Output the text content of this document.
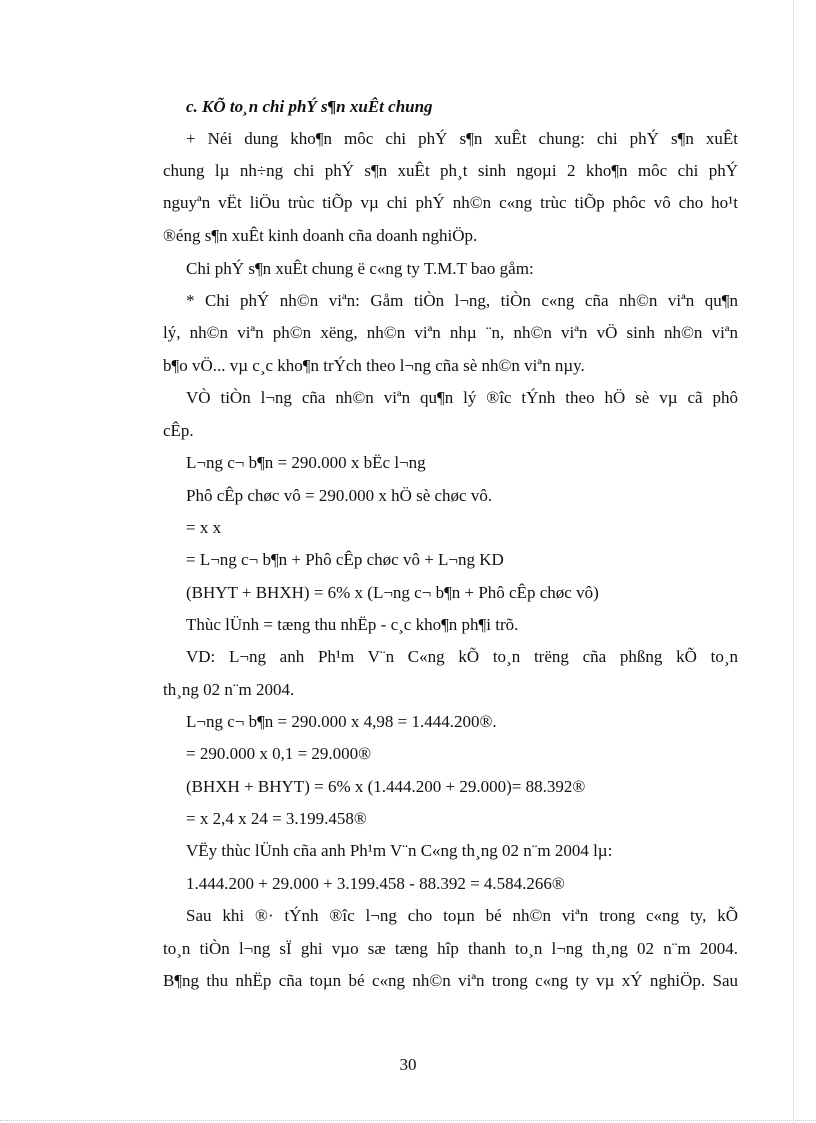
c. KÕ to¸n chi phÝ s¶n xuÊt chung
+ Néi dung kho¶n môc chi phÝ s¶n xuÊt chung: chi phÝ s¶n xuÊt
chung lµ nh÷ng chi phÝ s¶n xuÊt ph¸t sinh ngoµi 2 kho¶n môc chi phÝ
nguyªn vËt liÖu trùc tiÕp vµ chi phÝ nh©n c«ng trùc tiÕp phôc vô cho ho¹t
®éng s¶n xuÊt kinh doanh cña doanh nghiÖp.
Chi phÝ s¶n xuÊt chung ë c«ng ty T.M.T bao gåm:
* Chi phÝ nh©n viªn: Gåm tiÒn l¬ng, tiÒn c«ng cña nh©n viªn qu¶n
lý, nh©n viªn ph©n xëng, nh©n viªn nhµ ¨n, nh©n viªn vÖ sinh nh©n viªn
b¶o vÖ... vµ c¸c kho¶n trÝch theo l¬ng cña sè nh©n viªn nµy.
VÒ tiÒn l¬ng cña nh©n viªn qu¶n lý ®îc tÝnh theo hÖ sè vµ cã phô
cÊp.
L¬ng c¬ b¶n = 290.000 x bËc l¬ng
Phô cÊp chøc vô = 290.000 x hÖ sè chøc vô.
= x x
= L¬ng c¬ b¶n + Phô cÊp chøc vô + L¬ng KD
(BHYT + BHXH) = 6% x (L¬ng c¬ b¶n + Phô cÊp chøc vô)
Thùc lÜnh = tæng thu nhËp - c¸c kho¶n ph¶i trõ.
VD: L¬ng anh Ph¹m V¨n C«ng kÕ to¸n trëng cña phßng kÕ to¸n
th¸ng 02 n¨m 2004.
L¬ng c¬ b¶n = 290.000 x 4,98 = 1.444.200®.
= 290.000 x 0,1 = 29.000®
(BHXH + BHYT) = 6% x (1.444.200 + 29.000)= 88.392®
= x 2,4 x 24 = 3.199.458®
VËy thùc lÜnh cña anh Ph¹m V¨n C«ng th¸ng 02 n¨m 2004 lµ:
1.444.200 + 29.000 + 3.199.458 - 88.392 = 4.584.266®
Sau khi ®· tÝnh ®îc l¬ng cho toµn bé nh©n viªn trong c«ng ty, kÕ
to¸n tiÒn l¬ng sÏ ghi vµo sæ tæng hîp thanh to¸n l¬ng th¸ng 02 n¨m 2004.
B¶ng thu nhËp cña toµn bé c«ng nh©n viªn trong c«ng ty vµ xÝ nghiÖp. Sau
30
